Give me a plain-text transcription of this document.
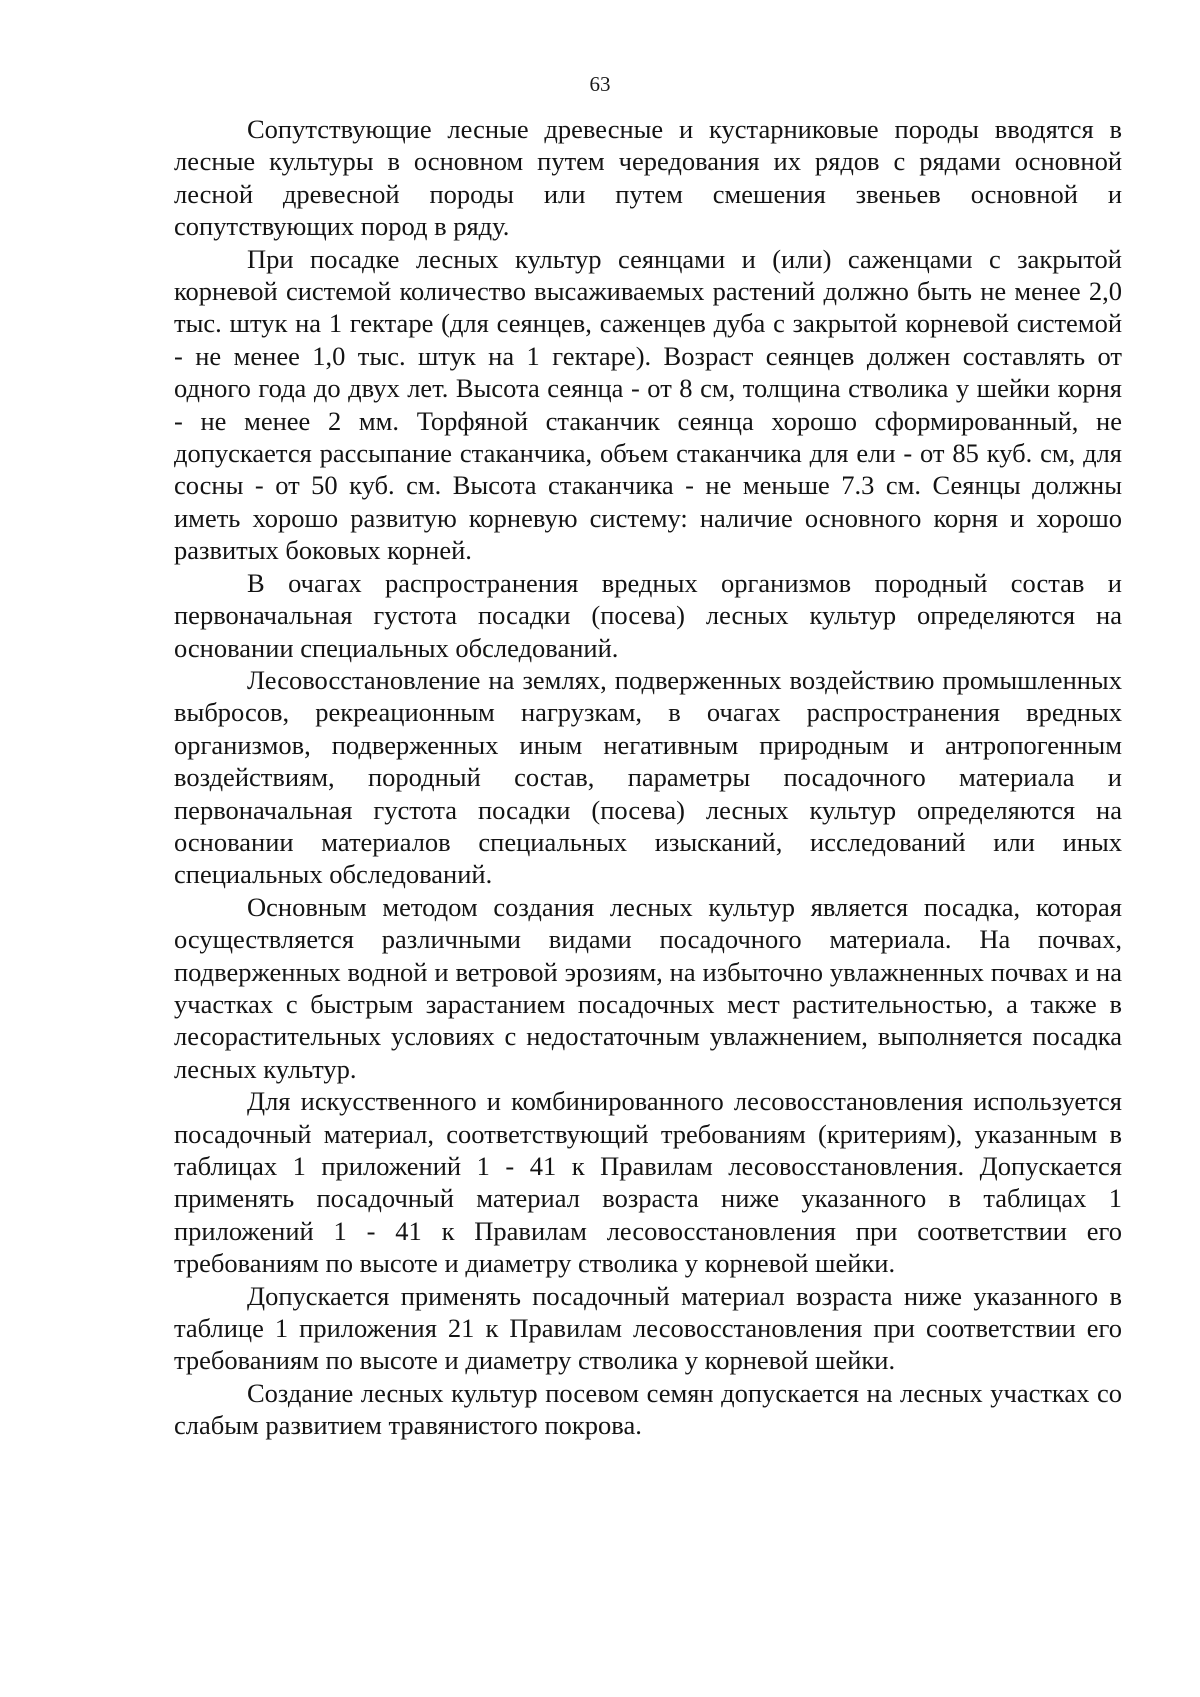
63

Сопутствующие лесные древесные и кустарниковые породы вводятся в лесные культуры в основном путем чередования их рядов с рядами основной лесной древесной породы или путем смешения звеньев основной и сопутствующих пород в ряду.

При посадке лесных культур сеянцами и (или) саженцами с закрытой корневой системой количество высаживаемых растений должно быть не менее 2,0 тыс. штук на 1 гектаре (для сеянцев, саженцев дуба с закрытой корневой системой - не менее 1,0 тыс. штук на 1 гектаре). Возраст сеянцев должен составлять от одного года до двух лет. Высота сеянца - от 8 см, толщина стволика у шейки корня - не менее 2 мм. Торфяной стаканчик сеянца хорошо сформированный, не допускается рассыпание стаканчика, объем стаканчика для ели - от 85 куб. см, для сосны - от 50 куб. см. Высота стаканчика - не меньше 7.3 см. Сеянцы должны иметь хорошо развитую корневую систему: наличие основного корня и хорошо развитых боковых корней.

В очагах распространения вредных организмов породный состав и первоначальная густота посадки (посева) лесных культур определяются на основании специальных обследований.

Лесовосстановление на землях, подверженных воздействию промышленных выбросов, рекреационным нагрузкам, в очагах распространения вредных организмов, подверженных иным негативным природным и антропогенным воздействиям, породный состав, параметры посадочного материала и первоначальная густота посадки (посева) лесных культур определяются на основании материалов специальных изысканий, исследований или иных специальных обследований.

Основным методом создания лесных культур является посадка, которая осуществляется различными видами посадочного материала. На почвах, подверженных водной и ветровой эрозиям, на избыточно увлажненных почвах и на участках с быстрым зарастанием посадочных мест растительностью, а также в лесорастительных условиях с недостаточным увлажнением, выполняется посадка лесных культур.

Для искусственного и комбинированного лесовосстановления используется посадочный материал, соответствующий требованиям (критериям), указанным в таблицах 1 приложений 1 - 41 к Правилам лесовосстановления. Допускается применять посадочный материал возраста ниже указанного в таблицах 1 приложений 1 - 41 к Правилам лесовосстановления при соответствии его требованиям по высоте и диаметру стволика у корневой шейки.

Допускается применять посадочный материал возраста ниже указанного в таблице 1 приложения 21 к Правилам лесовосстановления при соответствии его требованиям по высоте и диаметру стволика у корневой шейки.

Создание лесных культур посевом семян допускается на лесных участках со слабым развитием травянистого покрова.
